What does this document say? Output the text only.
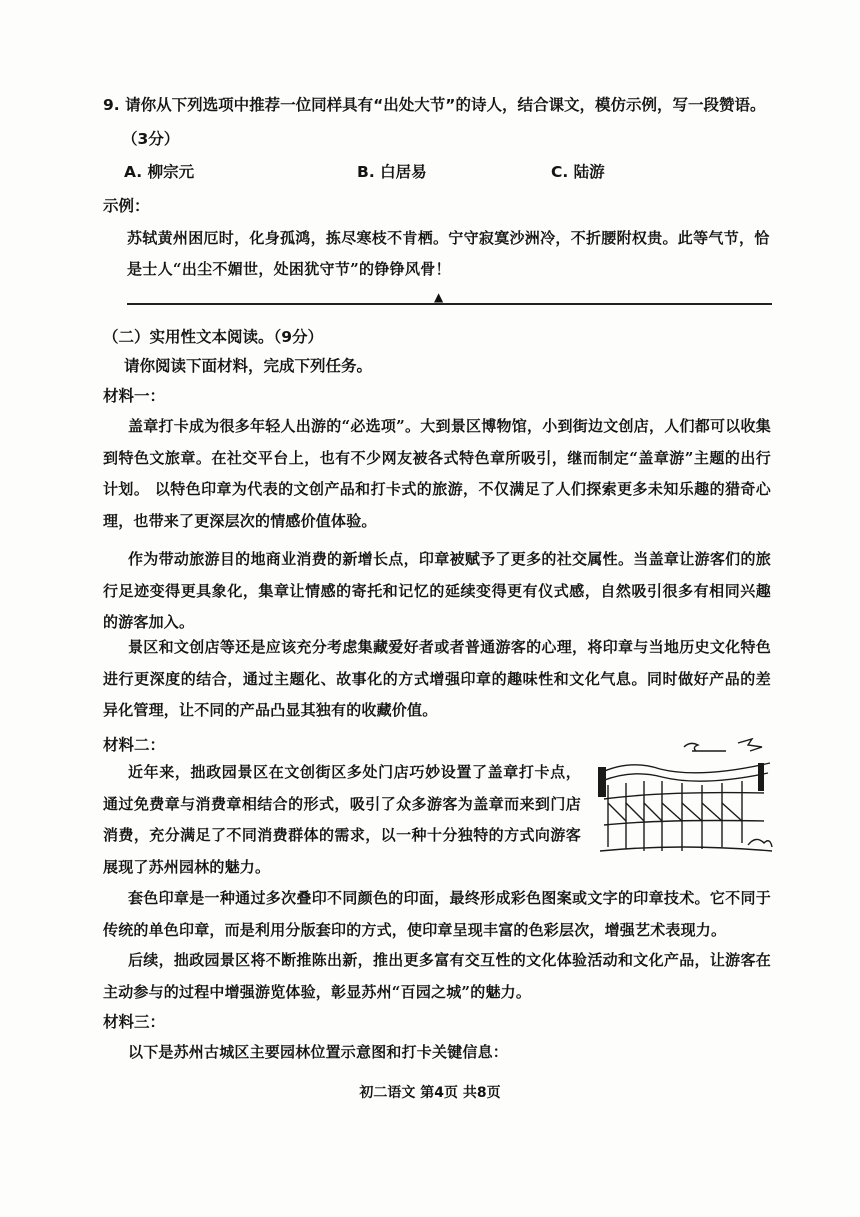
9. 请你从下列选项中推荐一位同样具有“出处大节”的诗人，结合课文，模仿示例，写一段赞语。
（3分）
A. 柳宗元	B. 白居易	C. 陆游
示例：
苏轼黄州困厄时，化身孤鸿，拣尽寒枝不肯栖。宁守寂寞沙洲冷，不折腰附权贵。此等气节，恰是士人“出尘不媚世，处困犹守节”的铮铮风骨！
▲
（二）实用性文本阅读。（9分）
请你阅读下面材料，完成下列任务。
材料一：
盖章打卡成为很多年轻人出游的“必选项”。大到景区博物馆，小到街边文创店，人们都可以收集到特色文旅章。在社交平台上，也有不少网友被各式特色章所吸引，继而制定“盖章游”主题的出行计划。 以特色印章为代表的文创产品和打卡式的旅游，不仅满足了人们探索更多未知乐趣的猎奇心理，也带来了更深层次的情感价值体验。
作为带动旅游目的地商业消费的新增长点，印章被赋予了更多的社交属性。当盖章让游客们的旅行足迹变得更具象化，集章让情感的寄托和记忆的延续变得更有仪式感，自然吸引很多有相同兴趣的游客加入。
景区和文创店等还是应该充分考虑集藏爱好者或者普通游客的心理，将印章与当地历史文化特色进行更深度的结合，通过主题化、故事化的方式增强印章的趣味性和文化气息。同时做好产品的差异化管理，让不同的产品凸显其独有的收藏价值。
材料二：
近年来，拙政园景区在文创街区多处门店巧妙设置了盖章打卡点，通过免费章与消费章相结合的形式，吸引了众多游客为盖章而来到门店消费，充分满足了不同消费群体的需求，以一种十分独特的方式向游客展现了苏州园林的魅力。
套色印章是一种通过多次叠印不同颜色的印面，最终形成彩色图案或文字的印章技术。它不同于传统的单色印章，而是利用分版套印的方式，使印章呈现丰富的色彩层次，增强艺术表现力。
后续，拙政园景区将不断推陈出新，推出更多富有交互性的文化体验活动和文化产品，让游客在主动参与的过程中增强游览体验，彰显苏州“百园之城”的魅力。
材料三：
以下是苏州古城区主要园林位置示意图和打卡关键信息：
初二语文 第4页 共8页
